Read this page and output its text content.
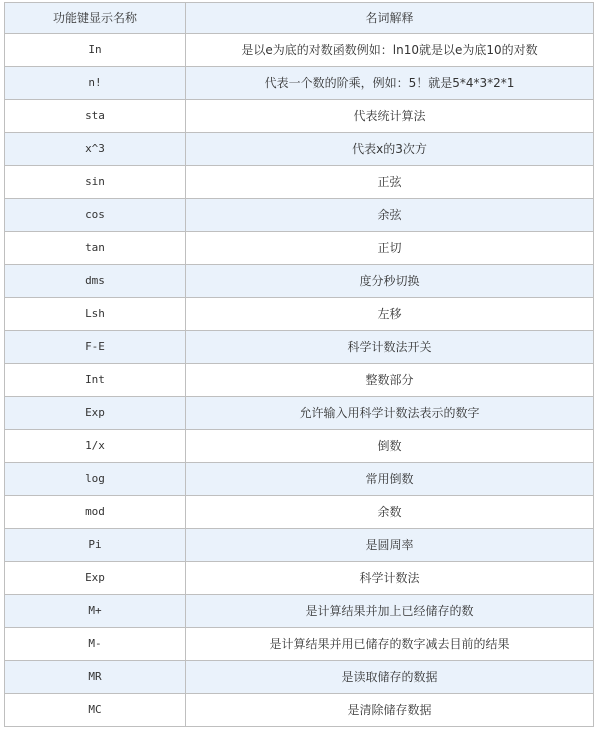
功能键显示名称	名词解释
In	是以e为底的对数函数例如：ln10就是以e为底10的对数
n!	代表一个数的阶乘，例如：5！就是5*4*3*2*1
sta	代表统计算法
x^3	代表x的3次方
sin	正弦
cos	余弦
tan	正切
dms	度分秒切换
Lsh	左移
F-E	科学计数法开关
Int	整数部分
Exp	允许输入用科学计数法表示的数字
1/x	倒数
log	常用倒数
mod	余数
Pi	是圆周率
Exp	科学计数法
M+	是计算结果并加上已经储存的数
M-	是计算结果并用已储存的数字减去目前的结果
MR	是读取储存的数据
MC	是清除储存数据
